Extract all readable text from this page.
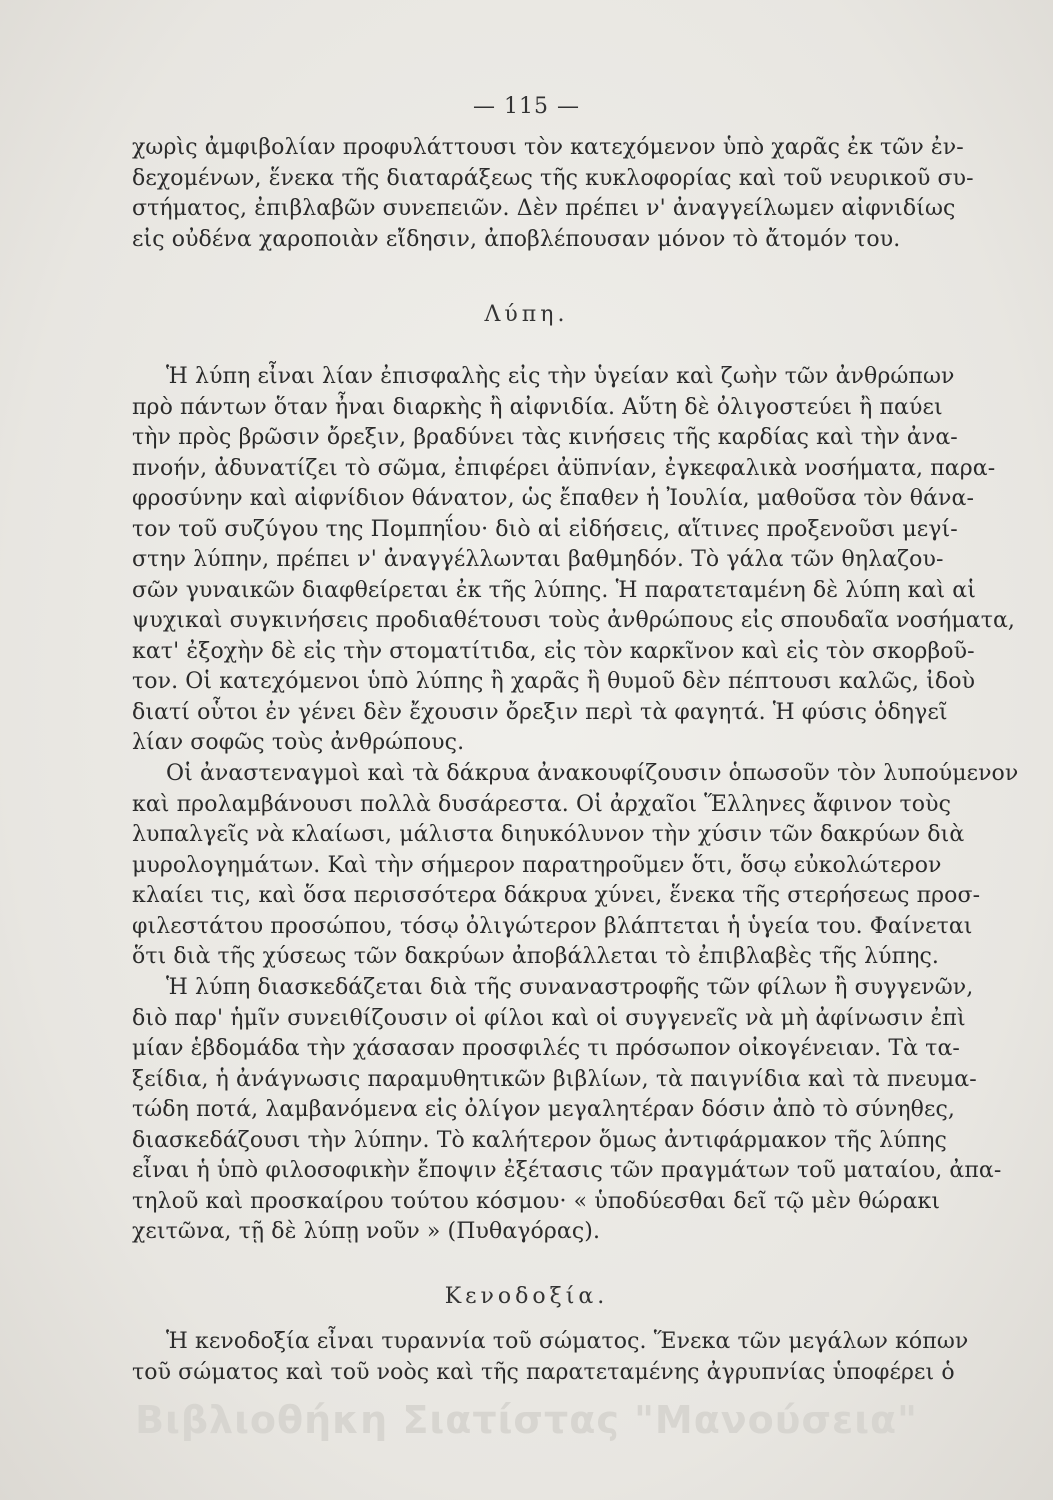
— 115 —
χωρὶς ἀμφιβολίαν προφυλάττουσι τὸν κατεχόμενον ὑπὸ χαρᾶς ἐκ τῶν ἐν-
δεχομένων, ἕνεκα τῆς διαταράξεως τῆς κυκλοφορίας καὶ τοῦ νευρικοῦ συ-
στήματος, ἐπιβλαβῶν συνεπειῶν. Δὲν πρέπει ν' ἀναγγείλωμεν αἰφνιδίως
εἰς οὐδένα χαροποιὰν εἴδησιν, ἀποβλέπουσαν μόνον τὸ ἄτομόν του.
Λύπη.
Ἡ λύπη εἶναι λίαν ἐπισφαλὴς εἰς τὴν ὑγείαν καὶ ζωὴν τῶν ἀνθρώπων
πρὸ πάντων ὅταν ἦναι διαρκὴς ἢ αἰφνιδία. Αὕτη δὲ ὀλιγοστεύει ἢ παύει
τὴν πρὸς βρῶσιν ὄρεξιν, βραδύνει τὰς κινήσεις τῆς καρδίας καὶ τὴν ἀνα-
πνοήν, ἀδυνατίζει τὸ σῶμα, ἐπιφέρει ἀϋπνίαν, ἐγκεφαλικὰ νοσήματα, παρα-
φροσύνην καὶ αἰφνίδιον θάνατον, ὡς ἔπαθεν ἡ Ἰουλία, μαθοῦσα τὸν θάνα-
τον τοῦ συζύγου της Πομπηΐου· διὸ αἱ εἰδήσεις, αἵτινες προξενοῦσι μεγί-
στην λύπην, πρέπει ν' ἀναγγέλλωνται βαθμηδόν. Τὸ γάλα τῶν θηλαζου-
σῶν γυναικῶν διαφθείρεται ἐκ τῆς λύπης. Ἡ παρατεταμένη δὲ λύπη καὶ αἱ
ψυχικαὶ συγκινήσεις προδιαθέτουσι τοὺς ἀνθρώπους εἰς σπουδαῖα νοσήματα,
κατ' ἐξοχὴν δὲ εἰς τὴν στοματίτιδα, εἰς τὸν καρκῖνον καὶ εἰς τὸν σκορβοῦ-
τον. Οἱ κατεχόμενοι ὑπὸ λύπης ἢ χαρᾶς ἢ θυμοῦ δὲν πέπτουσι καλῶς, ἰδοὺ
διατί οὗτοι ἐν γένει δὲν ἔχουσιν ὄρεξιν περὶ τὰ φαγητά. Ἡ φύσις ὁδηγεῖ
λίαν σοφῶς τοὺς ἀνθρώπους.
Οἱ ἀναστεναγμοὶ καὶ τὰ δάκρυα ἀνακουφίζουσιν ὁπωσοῦν τὸν λυπούμενον
καὶ προλαμβάνουσι πολλὰ δυσάρεστα. Οἱ ἀρχαῖοι Ἕλληνες ἄφινον τοὺς
λυπαλγεῖς νὰ κλαίωσι, μάλιστα διηυκόλυνον τὴν χύσιν τῶν δακρύων διὰ
μυρολογημάτων. Καὶ τὴν σήμερον παρατηροῦμεν ὅτι, ὅσῳ εὐκολώτερον
κλαίει τις, καὶ ὅσα περισσότερα δάκρυα χύνει, ἕνεκα τῆς στερήσεως προσ-
φιλεστάτου προσώπου, τόσῳ ὀλιγώτερον βλάπτεται ἡ ὑγεία του. Φαίνεται
ὅτι διὰ τῆς χύσεως τῶν δακρύων ἀποβάλλεται τὸ ἐπιβλαβὲς τῆς λύπης.
Ἡ λύπη διασκεδάζεται διὰ τῆς συναναστροφῆς τῶν φίλων ἢ συγγενῶν,
διὸ παρ' ἡμῖν συνειθίζουσιν οἱ φίλοι καὶ οἱ συγγενεῖς νὰ μὴ ἀφίνωσιν ἐπὶ
μίαν ἑβδομάδα τὴν χάσασαν προσφιλές τι πρόσωπον οἰκογένειαν. Τὰ τα-
ξείδια, ἡ ἀνάγνωσις παραμυθητικῶν βιβλίων, τὰ παιγνίδια καὶ τὰ πνευμα-
τώδη ποτά, λαμβανόμενα εἰς ὀλίγον μεγαλητέραν δόσιν ἀπὸ τὸ σύνηθες,
διασκεδάζουσι τὴν λύπην. Τὸ καλήτερον ὅμως ἀντιφάρμακον τῆς λύπης
εἶναι ἡ ὑπὸ φιλοσοφικὴν ἔποψιν ἐξέτασις τῶν πραγμάτων τοῦ ματαίου, ἀπα-
τηλοῦ καὶ προσκαίρου τούτου κόσμου· « ὑποδύεσθαι δεῖ τῷ μὲν θώρακι
χειτῶνα, τῇ δὲ λύπῃ νοῦν » (Πυθαγόρας).
Κενοδοξία.
Ἡ κενοδοξία εἶναι τυραννία τοῦ σώματος. Ἕνεκα τῶν μεγάλων κόπων
τοῦ σώματος καὶ τοῦ νοὸς καὶ τῆς παρατεταμένης ἀγρυπνίας ὑποφέρει ὁ
Βιβλιοθήκη Σιατίστας "Μανούσεια"
